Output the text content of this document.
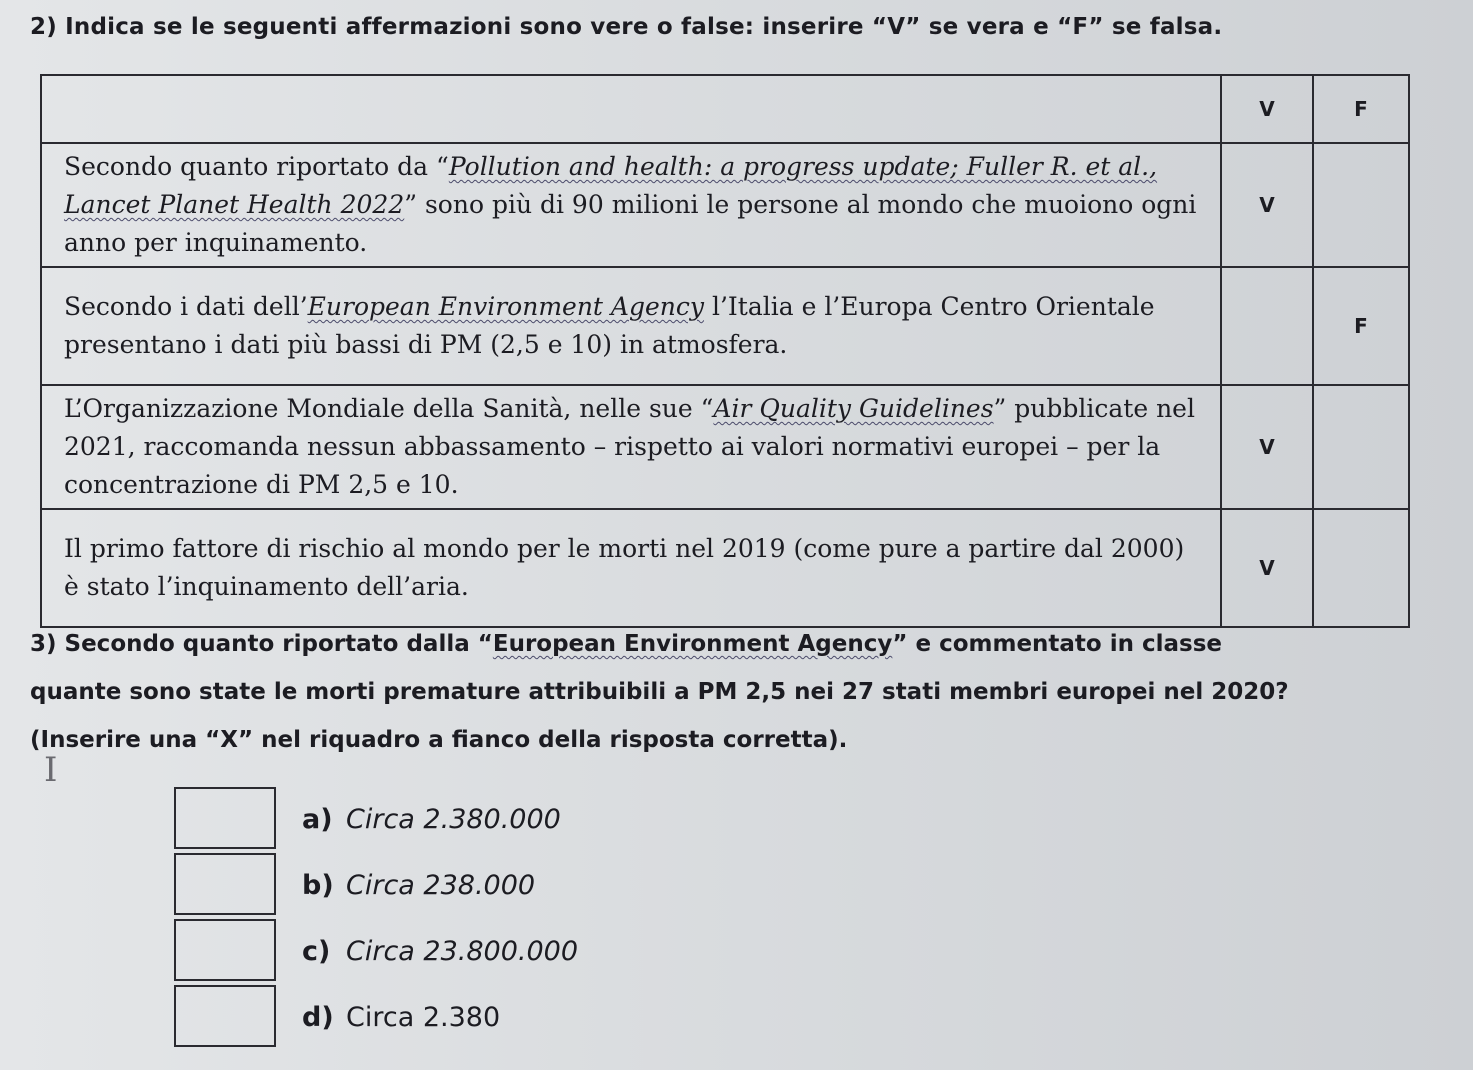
2) Indica se le seguenti affermazioni sono vere o false: inserire “V” se vera e “F” se falsa.
	V	F
Secondo quanto riportato da “Pollution and health: a progress update; Fuller R. et al., Lancet Planet Health 2022” sono più di 90 milioni le persone al mondo che muoiono ogni anno per inquinamento.	V	
Secondo i dati dell’European Environment Agency l’Italia e l’Europa Centro Orientale presentano i dati più bassi di PM (2,5 e 10) in atmosfera.		F
L’Organizzazione Mondiale della Sanità, nelle sue “Air Quality Guidelines” pubblicate nel 2021, raccomanda nessun abbassamento – rispetto ai valori normativi europei – per la concentrazione di PM 2,5 e 10.	V	
Il primo fattore di rischio al mondo per le morti nel 2019 (come pure a partire dal 2000) è stato l’inquinamento dell’aria.	V	

3) Secondo quanto riportato dalla “European Environment Agency” e commentato in classe

quante sono state le morti premature attribuibili a PM 2,5 nei 27 stati membri europei nel 2020?

(Inserire una “X” nel riquadro a fianco della risposta corretta).

I
a) Circa 2.380.000
b) Circa 238.000
c) Circa 23.800.000
d) Circa 2.380
